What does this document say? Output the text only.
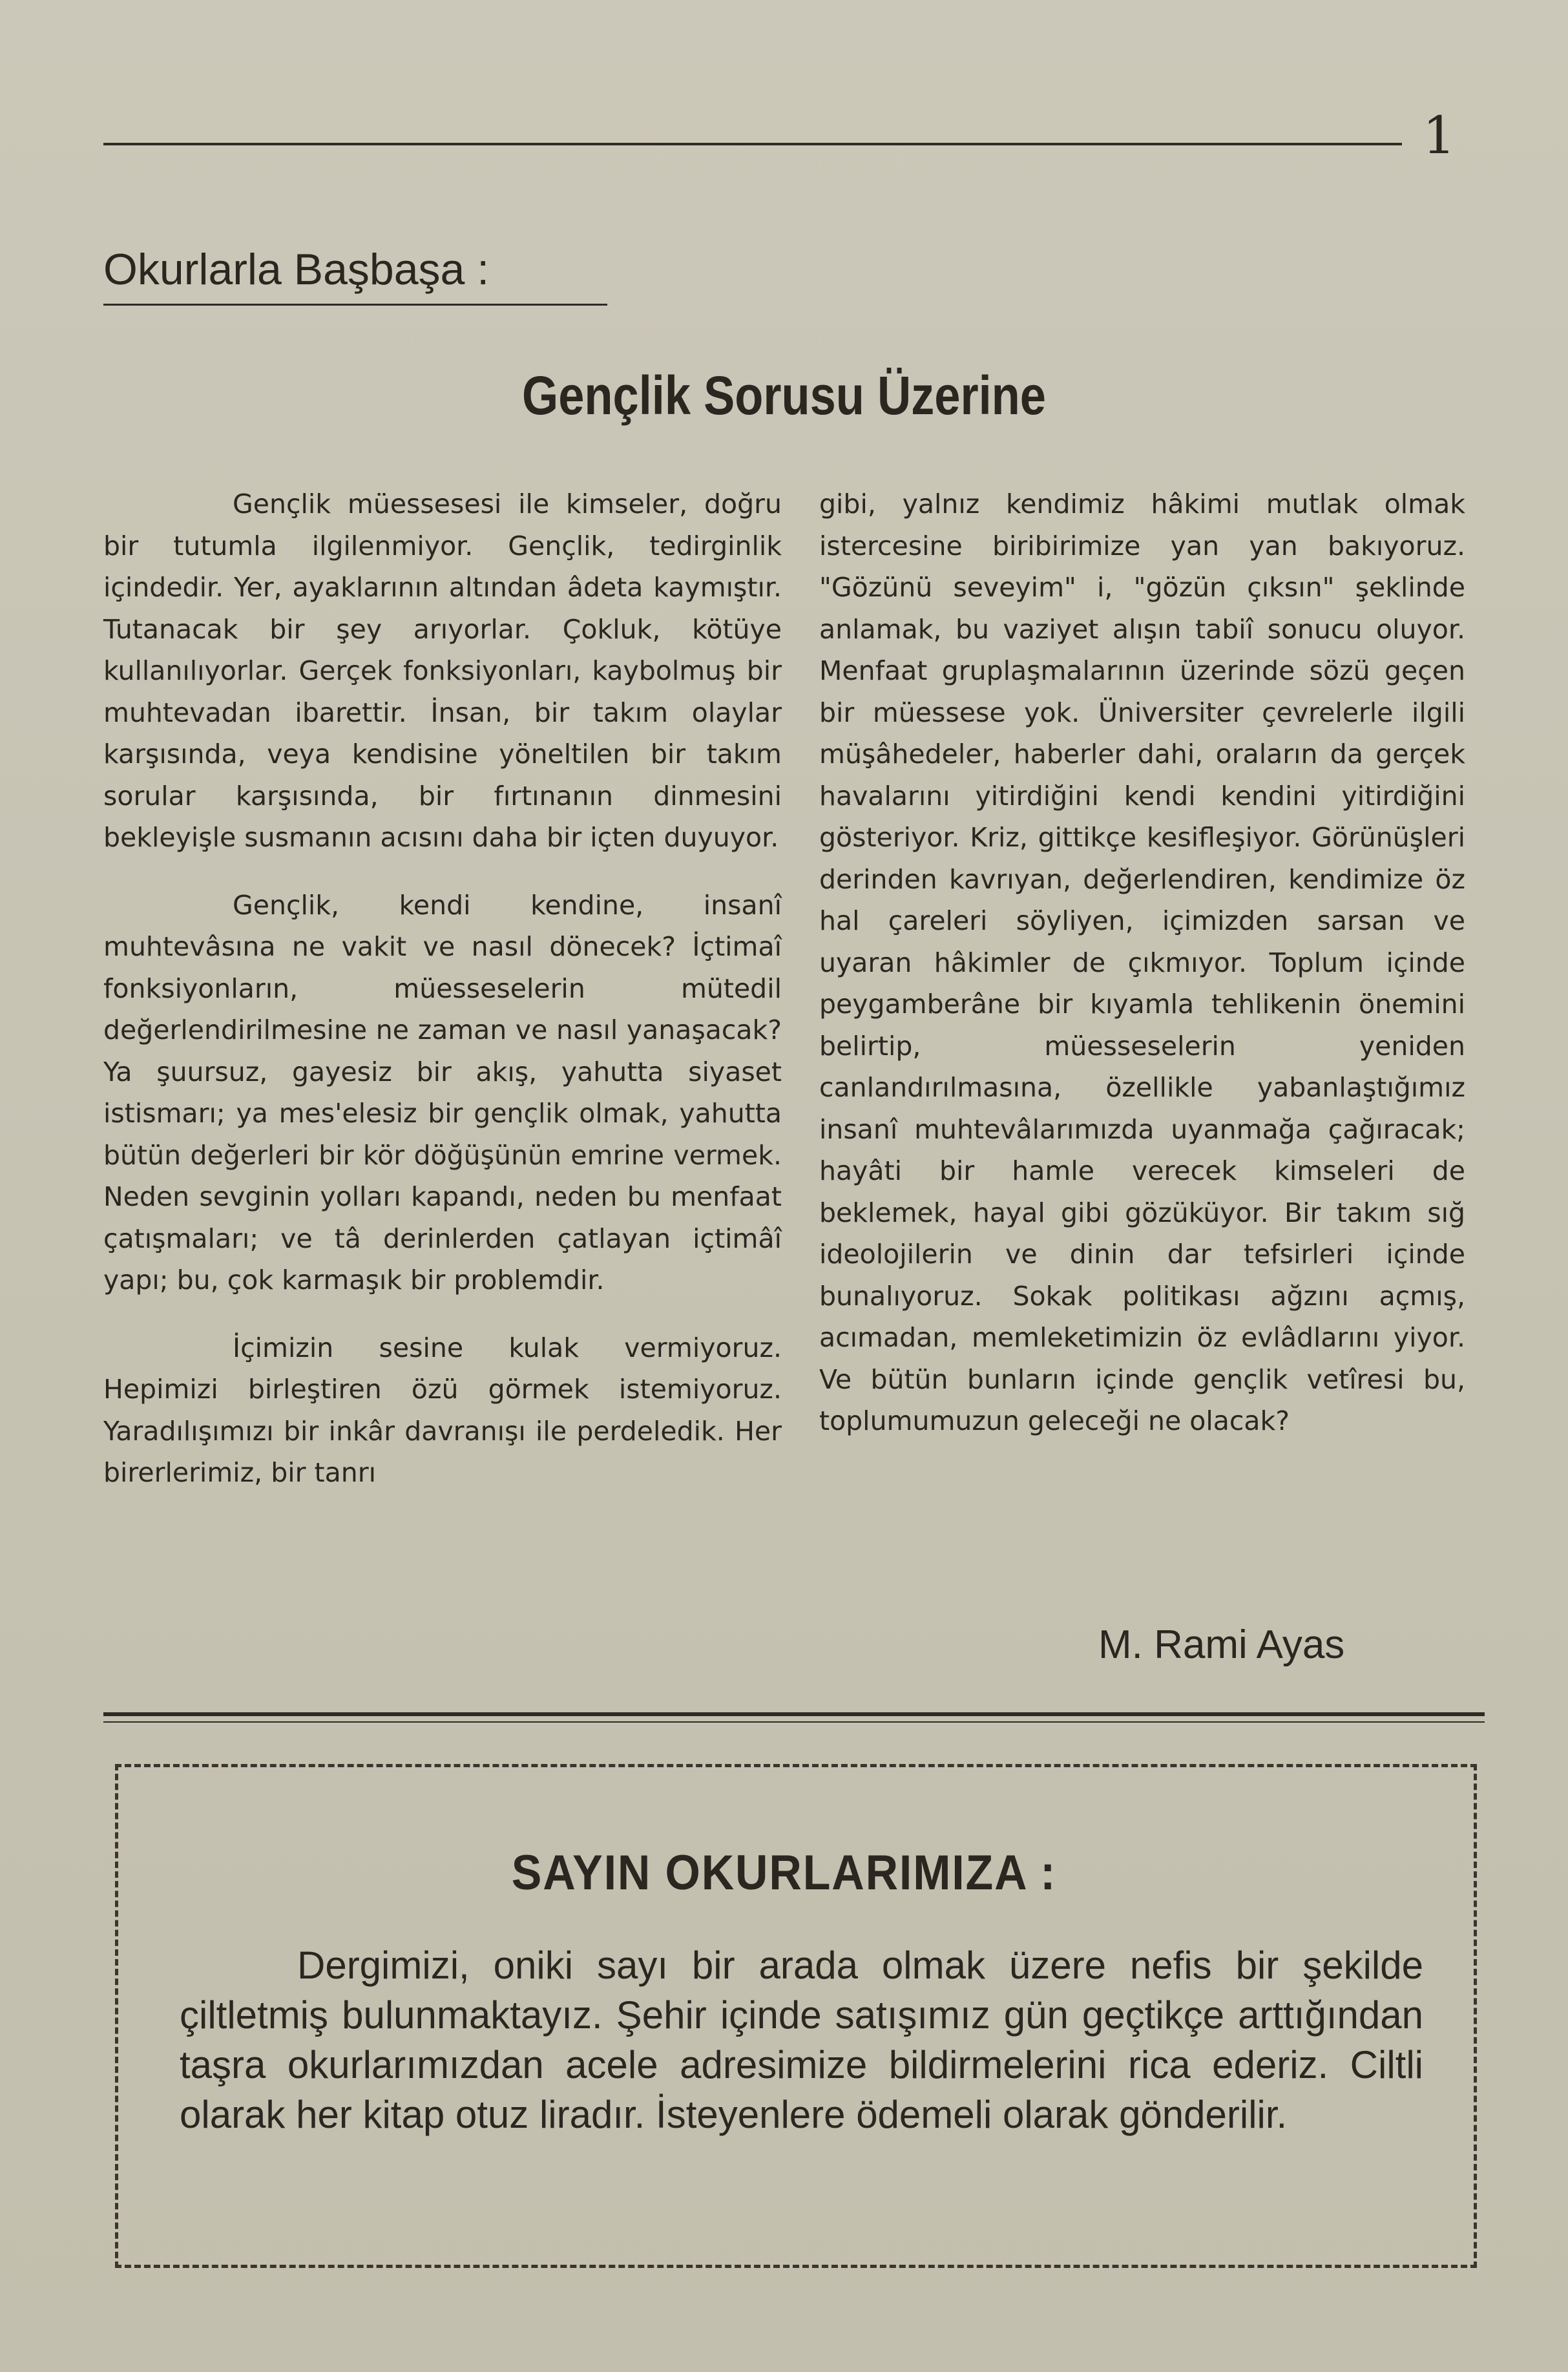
1
Okurlarla Başbaşa :
Gençlik Sorusu Üzerine

Gençlik müessesesi ile kimseler, doğru bir tutumla ilgilenmiyor. Gençlik, tedirginlik içindedir. Yer, ayaklarının altından âdeta kaymıştır. Tutanacak bir şey arıyorlar. Çokluk, kötüye kullanılıyorlar. Gerçek fonksiyonları, kaybolmuş bir muhtevadan ibarettir. İnsan, bir takım olaylar karşısında, veya kendisine yöneltilen bir takım sorular karşısında, bir fırtınanın dinmesini bekleyişle susmanın acısını daha bir içten duyuyor.

Gençlik, kendi kendine, insanî muhtevâsına ne vakit ve nasıl dönecek? İçtimaî fonksiyonların, müesseselerin mütedil değerlendirilmesine ne zaman ve nasıl yanaşacak? Ya şuursuz, gayesiz bir akış, yahutta siyaset istismarı; ya mes'elesiz bir gençlik olmak, yahutta bütün değerleri bir kör döğüşünün emrine vermek. Neden sevginin yolları kapandı, neden bu menfaat çatışmaları; ve tâ derinlerden çatlayan içtimâî yapı; bu, çok karmaşık bir problemdir.

İçimizin sesine kulak vermiyoruz. Hepimizi birleştiren özü görmek istemiyoruz. Yaradılışımızı bir inkâr davranışı ile perdeledik. Her birerlerimiz, bir tanrı

gibi, yalnız kendimiz hâkimi mutlak olmak istercesine biribirimize yan yan bakıyoruz. "Gözünü seveyim" i, "gözün çıksın" şeklinde anlamak, bu vaziyet alışın tabiî sonucu oluyor. Menfaat gruplaşmalarının üzerinde sözü geçen bir müessese yok. Üniversiter çevrelerle ilgili müşâhedeler, haberler dahi, oraların da gerçek havalarını yitirdiğini kendi kendini yitirdiğini gösteriyor. Kriz, gittikçe kesifleşiyor. Görünüşleri derinden kavrıyan, değerlendiren, kendimize öz hal çareleri söyliyen, içimizden sarsan ve uyaran hâkimler de çıkmıyor. Toplum içinde peygamberâne bir kıyamla tehlikenin önemini belirtip, müesseselerin yeniden canlandırılmasına, özellikle yabanlaştığımız insanî muhtevâlarımızda uyanmağa çağıracak; hayâti bir hamle verecek kimseleri de beklemek, hayal gibi gözüküyor. Bir takım sığ ideolojilerin ve dinin dar tefsirleri içinde bunalıyoruz. Sokak politikası ağzını açmış, acımadan, memleketimizin öz evlâdlarını yiyor. Ve bütün bunların içinde gençlik vetîresi bu, toplumumuzun geleceği ne olacak?

M. Rami Ayas
SAYIN OKURLARIMIZA :

Dergimizi, oniki sayı bir arada olmak üzere nefis bir şekilde çiltletmiş bulunmaktayız. Şehir içinde satışımız gün geçtikçe arttığından taşra okurlarımızdan acele adresimize bildirmelerini rica ederiz. Ciltli olarak her kitap otuz liradır. İsteyenlere ödemeli olarak gönderilir.
